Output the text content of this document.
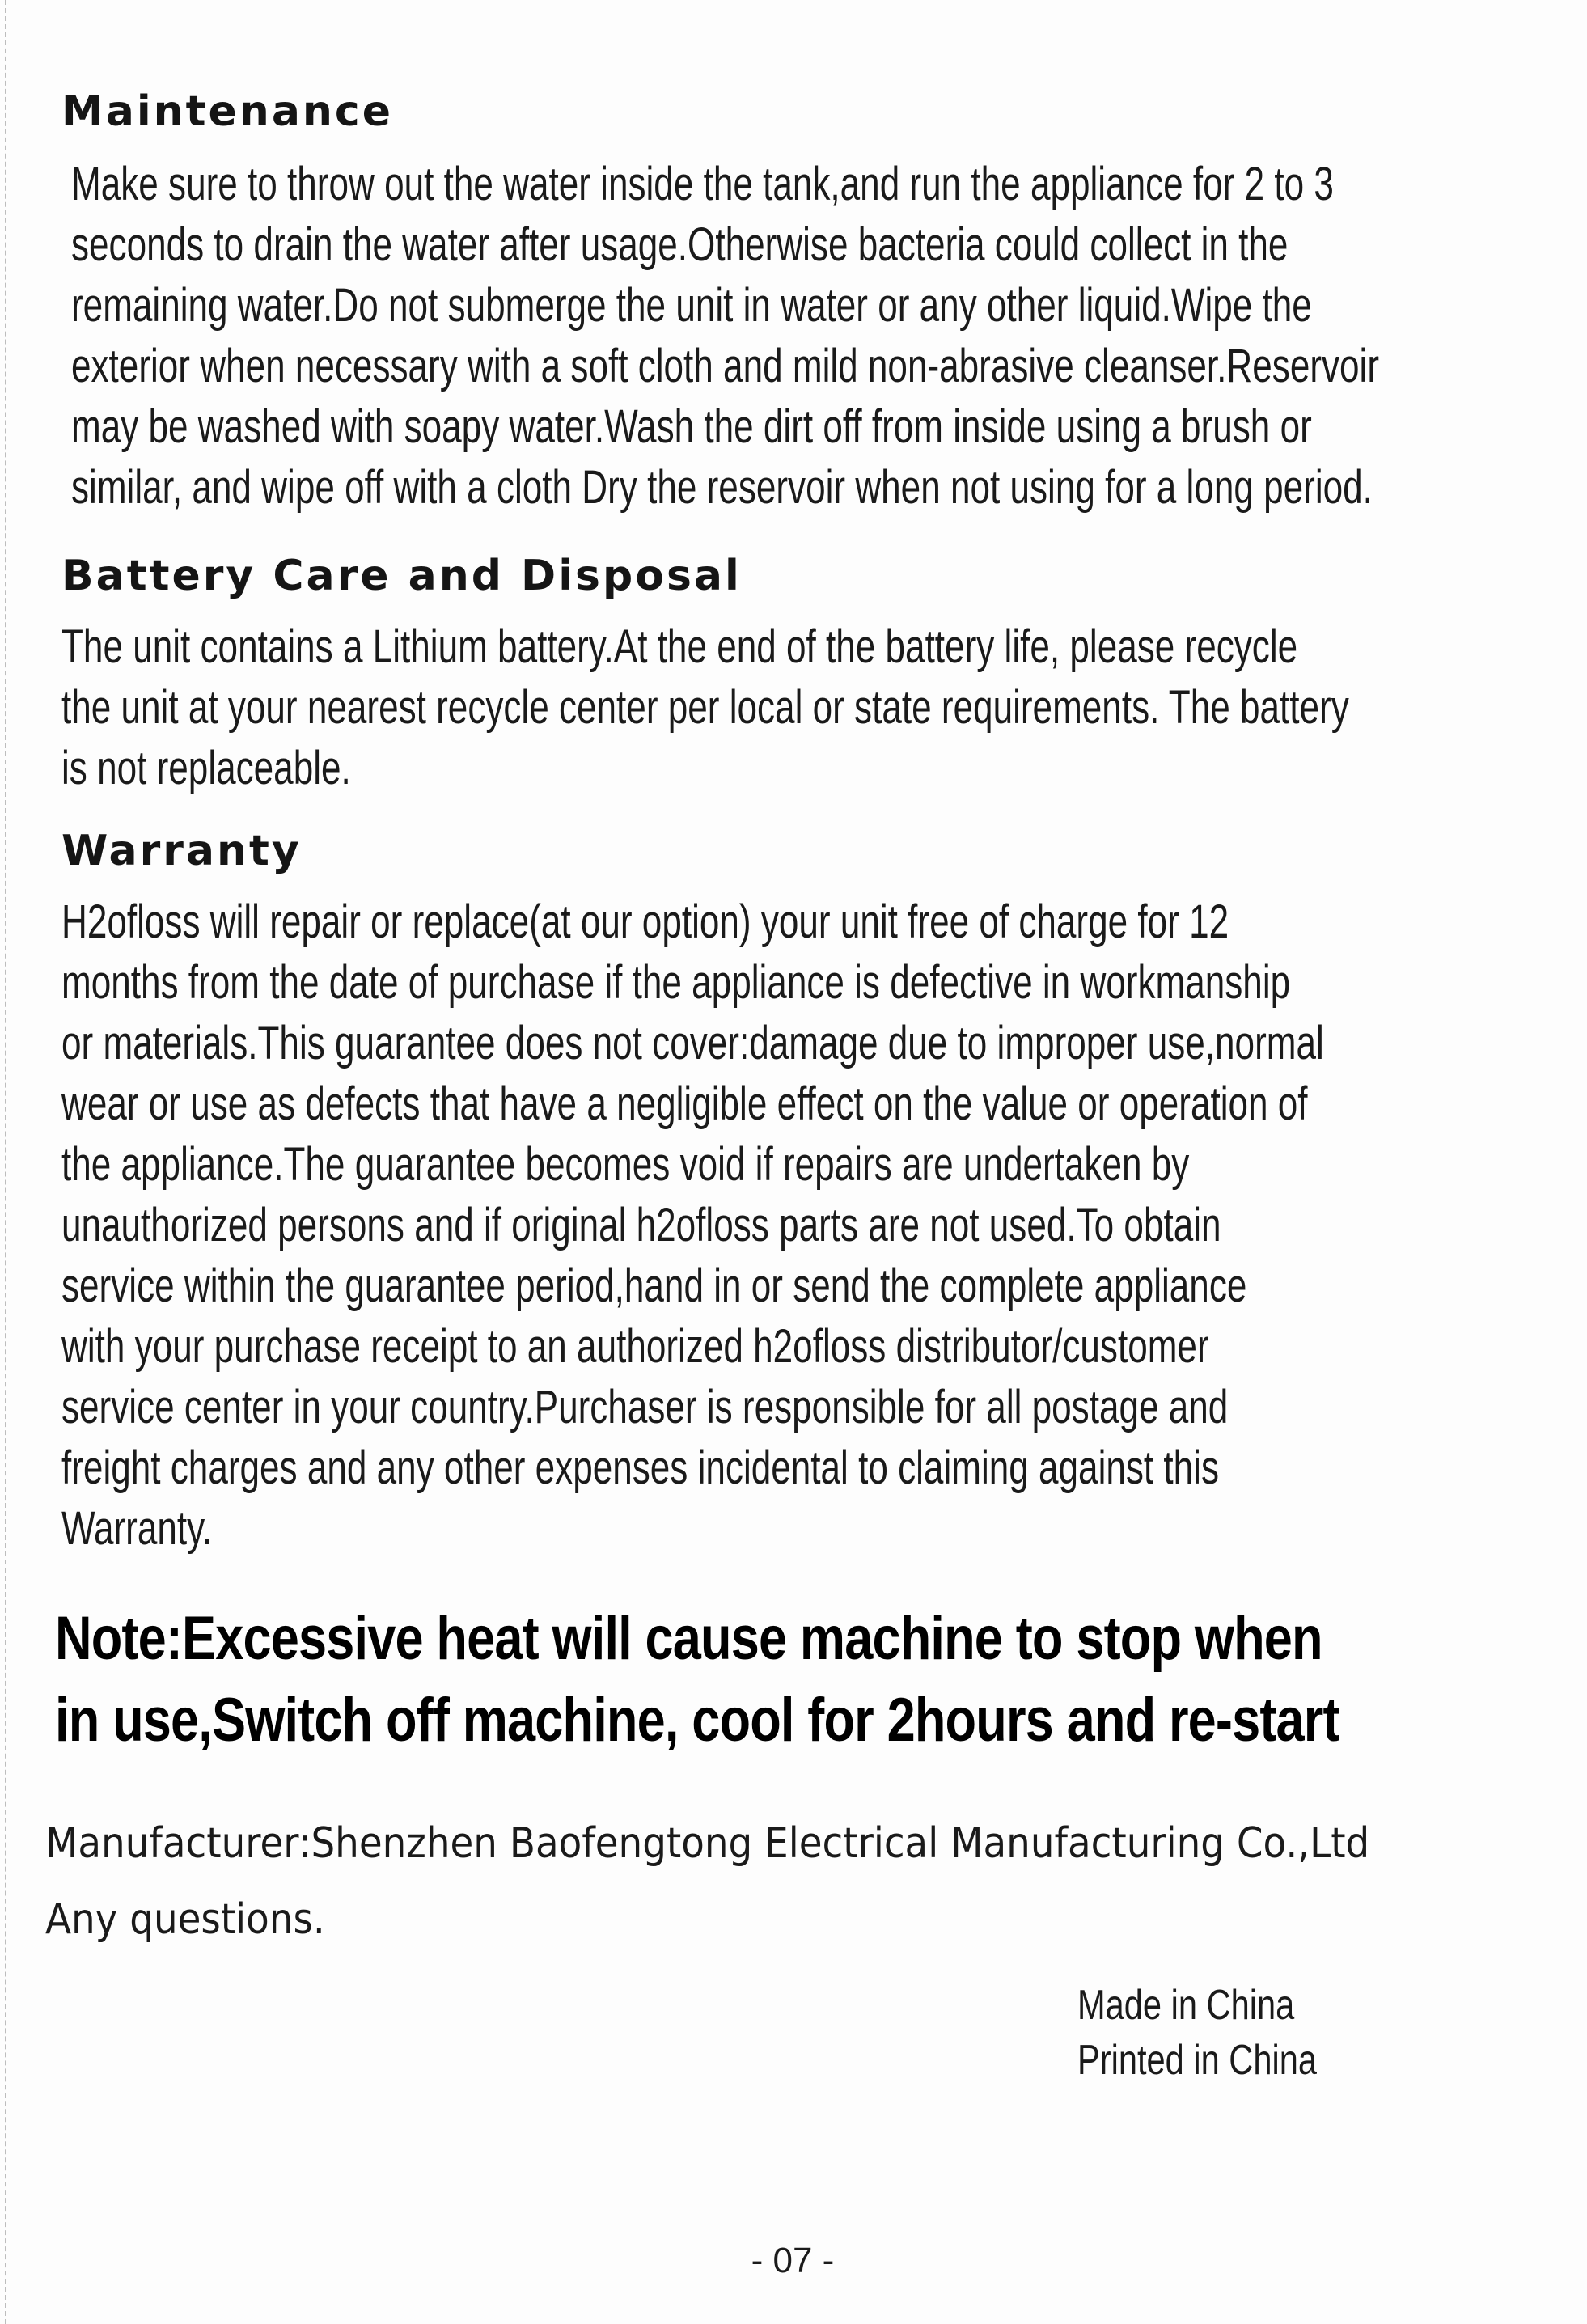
Maintenance
Make sure to throw out the water inside the tank,and run the appliance for 2 to 3
seconds to drain the water after usage.Otherwise bacteria could collect in the
remaining water.Do not submerge the unit in water or any other liquid.Wipe the
exterior when necessary with a soft cloth and mild non-abrasive cleanser.Reservoir
may be washed with soapy water.Wash the dirt off from inside using a brush or
similar, and wipe off with a cloth Dry the reservoir when not using for a long period.
Battery Care and Disposal
The unit contains a Lithium battery.At the end of the battery life, please recycle
the unit at your nearest recycle center per local or state requirements. The battery
is not replaceable.
Warranty
H2ofloss will repair or replace(at our option) your unit free of charge for 12
months from the date of purchase if the appliance is defective in workmanship
or materials.This guarantee does not cover:damage due to improper use,normal
wear or use as defects that have a negligible effect on the value or operation of
the appliance.The guarantee becomes void if repairs are undertaken by
unauthorized persons and if original h2ofloss parts are not used.To obtain
service within the guarantee period,hand in or send the complete appliance
with your purchase receipt to an authorized h2ofloss distributor/customer
service center in your country.Purchaser is responsible for all postage and
freight charges and any other expenses incidental to claiming against this
Warranty.
Note:Excessive heat will cause machine to stop when
in use,Switch off machine, cool for 2hours and re-start
Manufacturer:Shenzhen Baofengtong Electrical Manufacturing Co.,Ltd
Any questions.
Made in China
Printed in China
- 07 -
